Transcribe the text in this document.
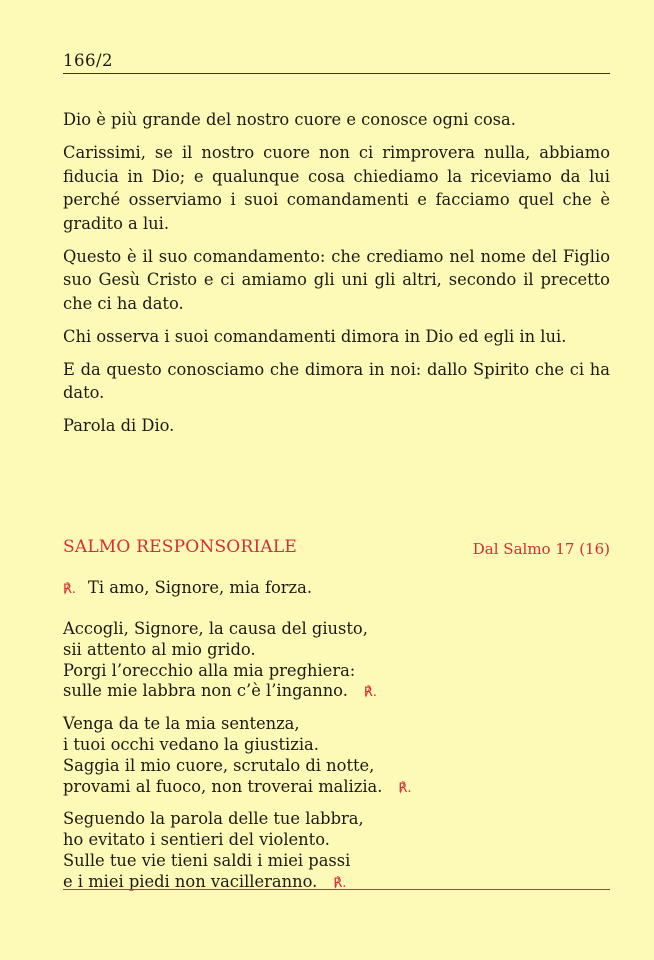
166/2

Dio è più grande del nostro cuore e conosce ogni cosa.

Carissimi, se il nostro cuore non ci rimprovera nulla, abbiamo fiducia in Dio; e qualunque cosa chiediamo la riceviamo da lui perché osserviamo i suoi comandamenti e facciamo quel che è gradito a lui.

Questo è il suo comandamento: che crediamo nel nome del Figlio suo Gesù Cristo e ci amiamo gli uni gli altri, secondo il precetto che ci ha dato.

Chi osserva i suoi comandamenti dimora in Dio ed egli in lui.

E da questo conosciamo che dimora in noi: dallo Spirito che ci ha dato.

Parola di Dio.

SALMO RESPONSORIALE	Dal Salmo 17 (16)
℟. Ti amo, Signore, mia forza.
Accogli, Signore, la causa del giusto,
sii attento al mio grido.
Porgi l’orecchio alla mia preghiera:
sulle mie labbra non c’è l’inganno. ℟.
Venga da te la mia sentenza,
i tuoi occhi vedano la giustizia.
Saggia il mio cuore, scrutalo di notte,
provami al fuoco, non troverai malizia. ℟.
Seguendo la parola delle tue labbra,
ho evitato i sentieri del violento.
Sulle tue vie tieni saldi i miei passi
e i miei piedi non vacilleranno. ℟.
